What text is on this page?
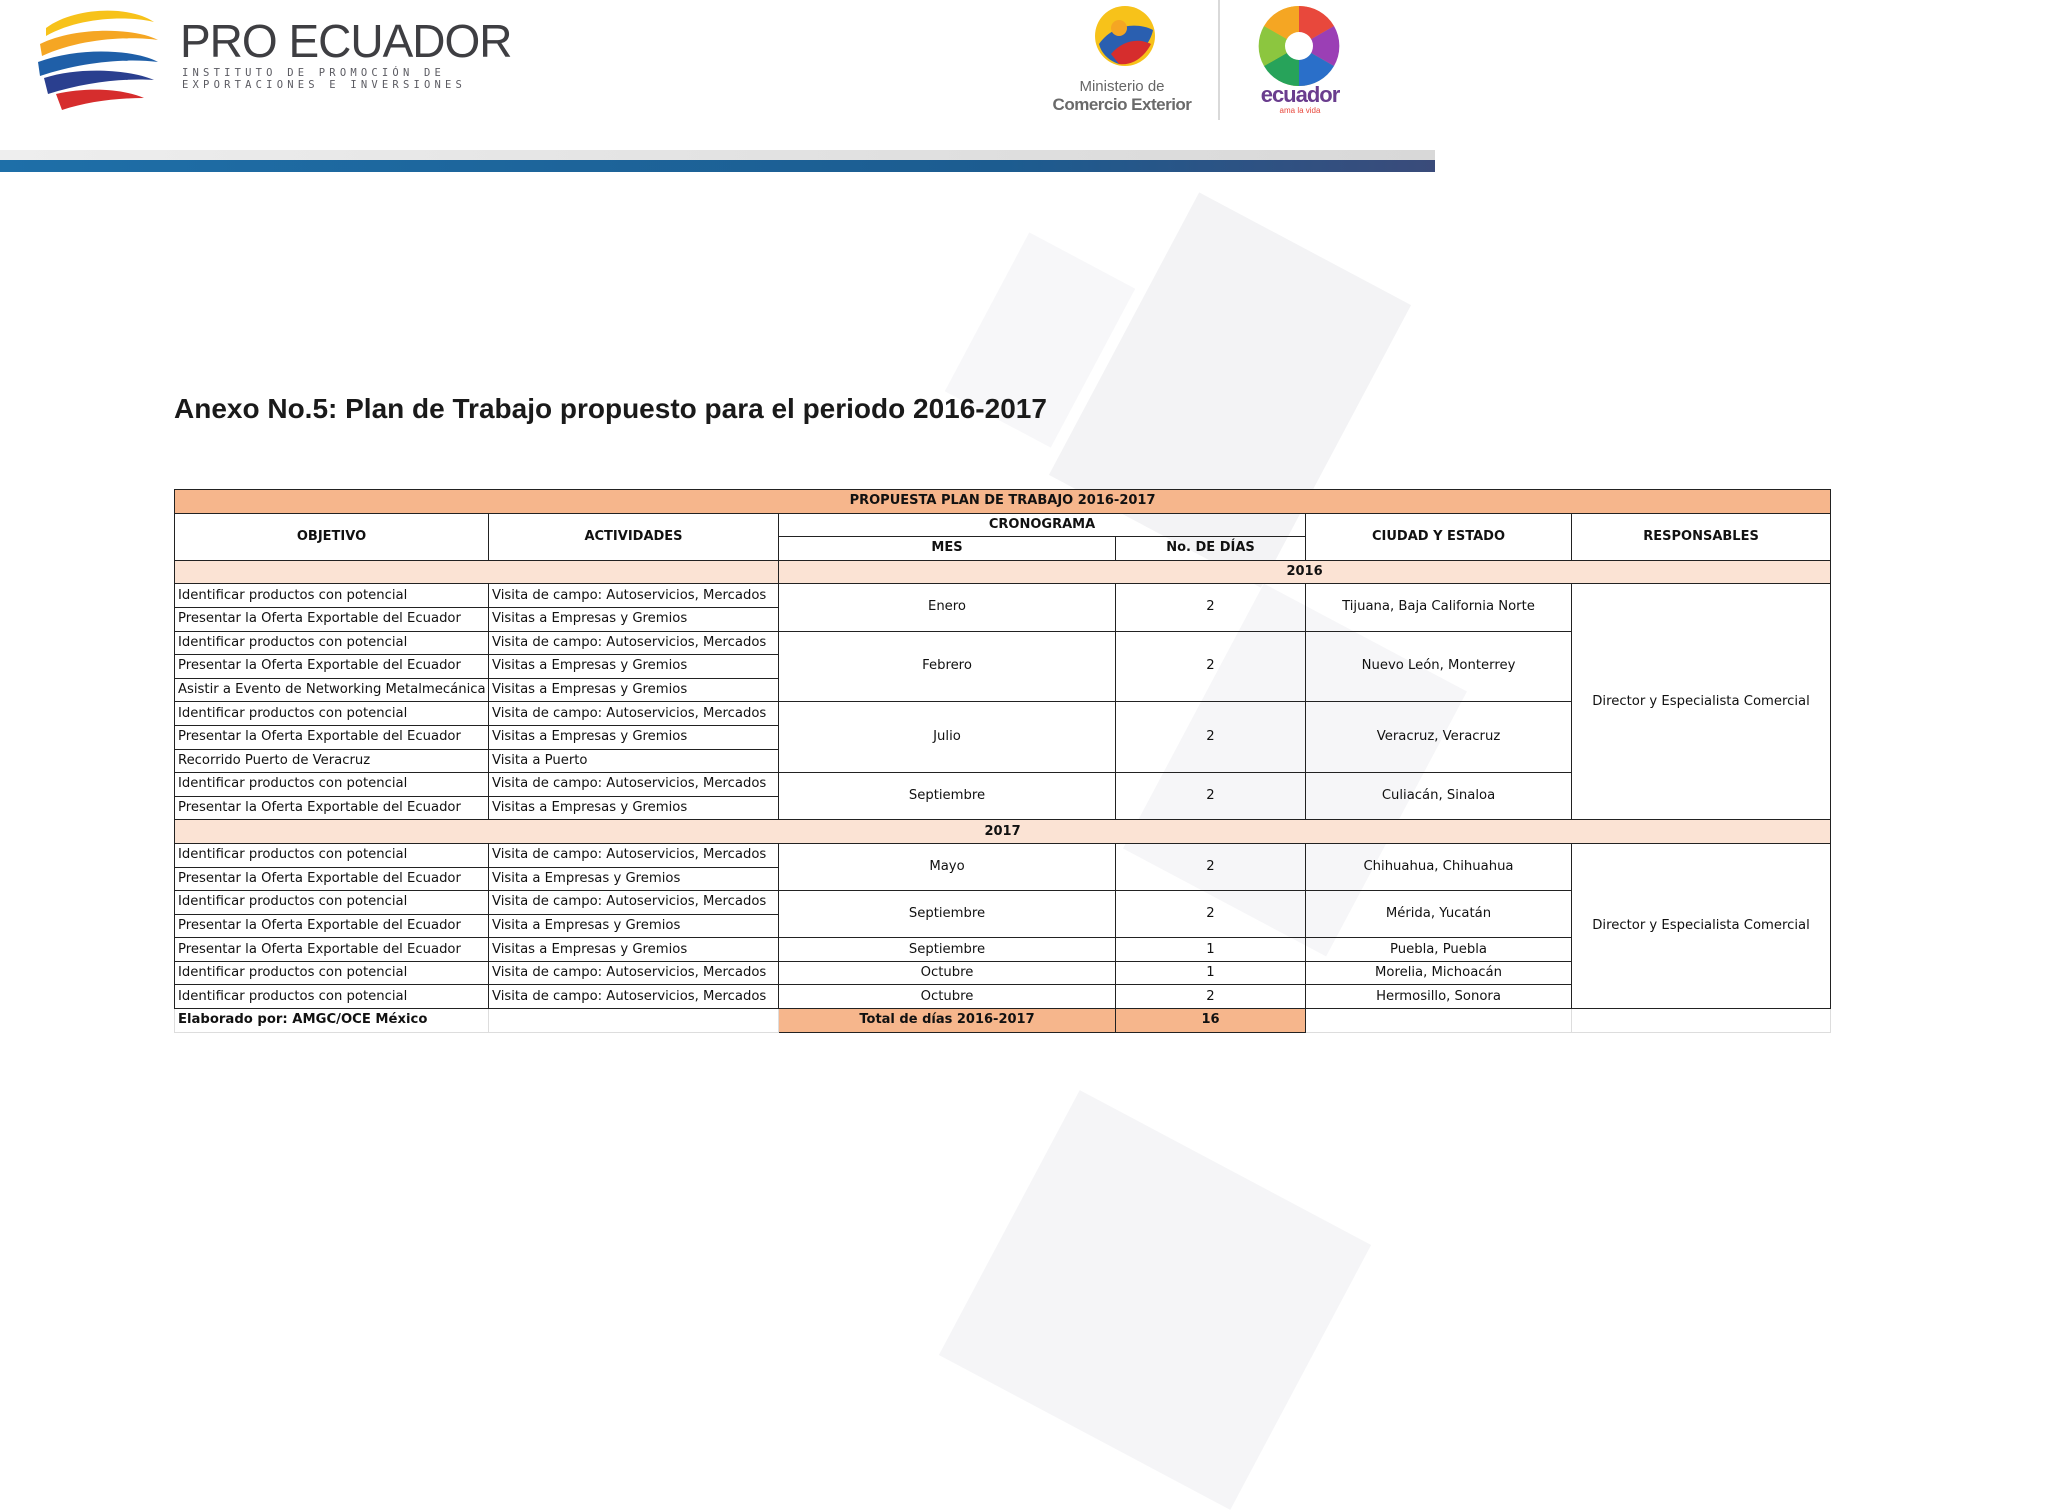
PRO ECUADOR
INSTITUTO DE PROMOCIÓN DE
EXPORTACIONES E INVERSIONES	Ministerio de
Comercio Exterior	ecuador
ama la vida
Anexo No.5: Plan de Trabajo propuesto para el periodo 2016-2017
PROPUESTA PLAN DE TRABAJO 2016-2017					
OBJETIVO	ACTIVIDADES	CRONOGRAMA		CIUDAD Y ESTADO	RESPONSABLES
		MES	No. DE DÍAS		
		2016			
Identificar productos con potencial	Visita de campo: Autoservicios, Mercados	Enero	2	Tijuana, Baja California Norte	Director y Especialista Comercial
Presentar la Oferta Exportable del Ecuador	Visitas a Empresas y Gremios				
Identificar productos con potencial	Visita de campo: Autoservicios, Mercados	Febrero	2	Nuevo León, Monterrey	
Presentar la Oferta Exportable del Ecuador	Visitas a Empresas y Gremios				
Asistir a Evento de Networking Metalmecánica	Visitas a Empresas y Gremios				
Identificar productos con potencial	Visita de campo: Autoservicios, Mercados	Julio	2	Veracruz, Veracruz	
Presentar la Oferta Exportable del Ecuador	Visitas a Empresas y Gremios				
Recorrido Puerto de Veracruz	Visita a Puerto				
Identificar productos con potencial	Visita de campo: Autoservicios, Mercados	Septiembre	2	Culiacán, Sinaloa	
Presentar la Oferta Exportable del Ecuador	Visitas a Empresas y Gremios				
2017					
Identificar productos con potencial	Visita de campo: Autoservicios, Mercados	Mayo	2	Chihuahua, Chihuahua	Director y Especialista Comercial
Presentar la Oferta Exportable del Ecuador	Visita a Empresas y Gremios				
Identificar productos con potencial	Visita de campo: Autoservicios, Mercados	Septiembre	2	Mérida, Yucatán	
Presentar la Oferta Exportable del Ecuador	Visita a Empresas y Gremios				
Presentar la Oferta Exportable del Ecuador	Visitas a Empresas y Gremios	Septiembre	1	Puebla, Puebla	
Identificar productos con potencial	Visita de campo: Autoservicios, Mercados	Octubre	1	Morelia, Michoacán	
Identificar productos con potencial	Visita de campo: Autoservicios, Mercados	Octubre	2	Hermosillo, Sonora	
Elaborado por: AMGC/OCE México		Total de días 2016-2017	16		
